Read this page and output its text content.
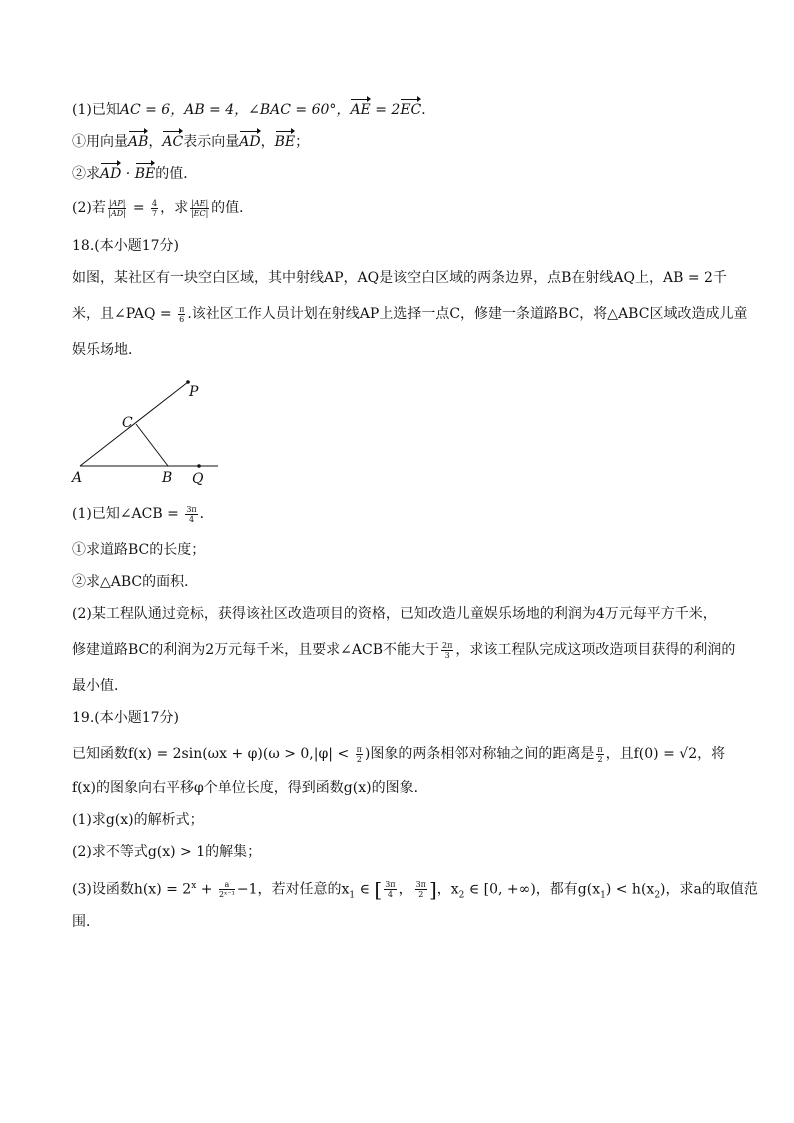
(1)已知AC = 6，AB = 4，∠BAC = 60°，AE = 2EC．
①用向量AB，AC表示向量AD，BE；
②求AD · BE的值．
(2)若 $\frac{|AP|}{|AD|} = \frac{4}{7}$ ，求 $\frac{|AE|}{|EC|}$ 的值．
18.(本小题17分)
如图，某社区有一块空白区域，其中射线AP，AQ是该空白区域的两条边界，点B在射线AQ上，AB = 2千
米，且∠PAQ = $\frac{\pi}{6}$ .该社区工作人员计划在射线AP上选择一点C，修建一条道路BC，将△ABC区域改造成儿童
娱乐场地．
P
C
A	B Q
(1)已知∠ACB = $\frac{3\pi}{4}$ ．
①求道路BC的长度；
②求△ABC的面积．
(2)某工程队通过竞标，获得该社区改造项目的资格，已知改造儿童娱乐场地的利润为4万元每平方千米，
修建道路BC的利润为2万元每千米，且要求∠ACB不能大于 $\frac{2\pi}{3}$ ，求该工程队完成这项改造项目获得的利润的
最小值．
19.(本小题17分)
已知函数$f(x) = 2\sin(\omega x + \varphi)(\omega > 0,|\varphi| < \frac{\pi}{2}$ )图象的两条相邻对称轴之间的距离是 $\frac{\pi}{2}$ ，且f(0) = √2，将
f(x)的图象向右平移φ个单位长度，得到函数g(x)的图象．
(1)求g(x)的解析式；
(2)求不等式g(x) > 1的解集；
(3)设函数$h(x) = 2^x + \frac{a}{\text{2ˣ⁻¹}} -1$，若对任意的$x_1$ ∈ [ $\frac{3\pi}{4}$ ， $\frac{3\pi}{2}$ ]，$x_2$ ∈ [0, +∞)，都有$g(x_1) < h(x_2)$，求a的取值范
围．
